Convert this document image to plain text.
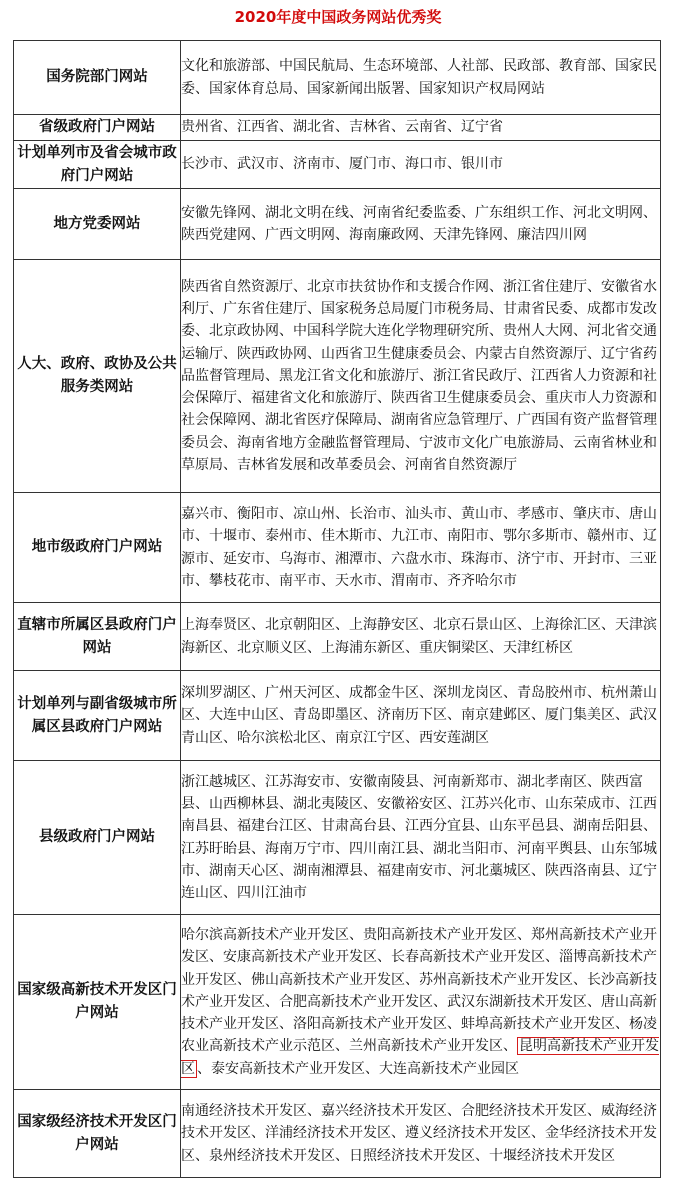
2020年度中国政务网站优秀奖
国务院部门网站	文化和旅游部、中国民航局、生态环境部、人社部、民政部、教育部、国家民委、国家体育总局、国家新闻出版署、国家知识产权局网站
省级政府门户网站	贵州省、江西省、湖北省、吉林省、云南省、辽宁省
计划单列市及省会城市政府门户网站	长沙市、武汉市、济南市、厦门市、海口市、银川市
地方党委网站	安徽先锋网、湖北文明在线、河南省纪委监委、广东组织工作、河北文明网、陕西党建网、广西文明网、海南廉政网、天津先锋网、廉洁四川网
人大、政府、政协及公共服务类网站	陕西省自然资源厅、北京市扶贫协作和支援合作网、浙江省住建厅、安徽省水利厅、广东省住建厅、国家税务总局厦门市税务局、甘肃省民委、成都市发改委、北京政协网、中国科学院大连化学物理研究所、贵州人大网、河北省交通运输厅、陕西政协网、山西省卫生健康委员会、内蒙古自然资源厅、辽宁省药品监督管理局、黑龙江省文化和旅游厅、浙江省民政厅、江西省人力资源和社会保障厅、福建省文化和旅游厅、陕西省卫生健康委员会、重庆市人力资源和社会保障网、湖北省医疗保障局、湖南省应急管理厅、广西国有资产监督管理委员会、海南省地方金融监督管理局、宁波市文化广电旅游局、云南省林业和草原局、吉林省发展和改革委员会、河南省自然资源厅
地市级政府门户网站	嘉兴市、衡阳市、凉山州、长治市、汕头市、黄山市、孝感市、肇庆市、唐山市、十堰市、泰州市、佳木斯市、九江市、南阳市、鄂尔多斯市、赣州市、辽源市、延安市、乌海市、湘潭市、六盘水市、珠海市、济宁市、开封市、三亚市、攀枝花市、南平市、天水市、渭南市、齐齐哈尔市
直辖市所属区县政府门户网站	上海奉贤区、北京朝阳区、上海静安区、北京石景山区、上海徐汇区、天津滨海新区、北京顺义区、上海浦东新区、重庆铜梁区、天津红桥区
计划单列与副省级城市所属区县政府门户网站	深圳罗湖区、广州天河区、成都金牛区、深圳龙岗区、青岛胶州市、杭州萧山区、大连中山区、青岛即墨区、济南历下区、南京建邺区、厦门集美区、武汉青山区、哈尔滨松北区、南京江宁区、西安莲湖区
县级政府门户网站	浙江越城区、江苏海安市、安徽南陵县、河南新郑市、湖北孝南区、陕西富县、山西柳林县、湖北夷陵区、安徽裕安区、江苏兴化市、山东荣成市、江西南昌县、福建台江区、甘肃高台县、江西分宜县、山东平邑县、湖南岳阳县、江苏盱眙县、海南万宁市、四川南江县、湖北当阳市、河南平舆县、山东邹城市、湖南天心区、湖南湘潭县、福建南安市、河北藁城区、陕西洛南县、辽宁连山区、四川江油市
国家级高新技术开发区门户网站	哈尔滨高新技术产业开发区、贵阳高新技术产业开发区、郑州高新技术产业开发区、安康高新技术产业开发区、长春高新技术产业开发区、淄博高新技术产业开发区、佛山高新技术产业开发区、苏州高新技术产业开发区、长沙高新技术产业开发区、合肥高新技术产业开发区、武汉东湖新技术开发区、唐山高新技术产业开发区、洛阳高新技术产业开发区、蚌埠高新技术产业开发区、杨凌农业高新技术产业示范区、兰州高新技术产业开发区、 昆明高新技术产业开发区 、泰安高新技术产业开发区、大连高新技术产业园区
国家级经济技术开发区门户网站	南通经济技术开发区、嘉兴经济技术开发区、合肥经济技术开发区、威海经济技术开发区、洋浦经济技术开发区、遵义经济技术开发区、金华经济技术开发区、泉州经济技术开发区、日照经济技术开发区、十堰经济技术开发区
